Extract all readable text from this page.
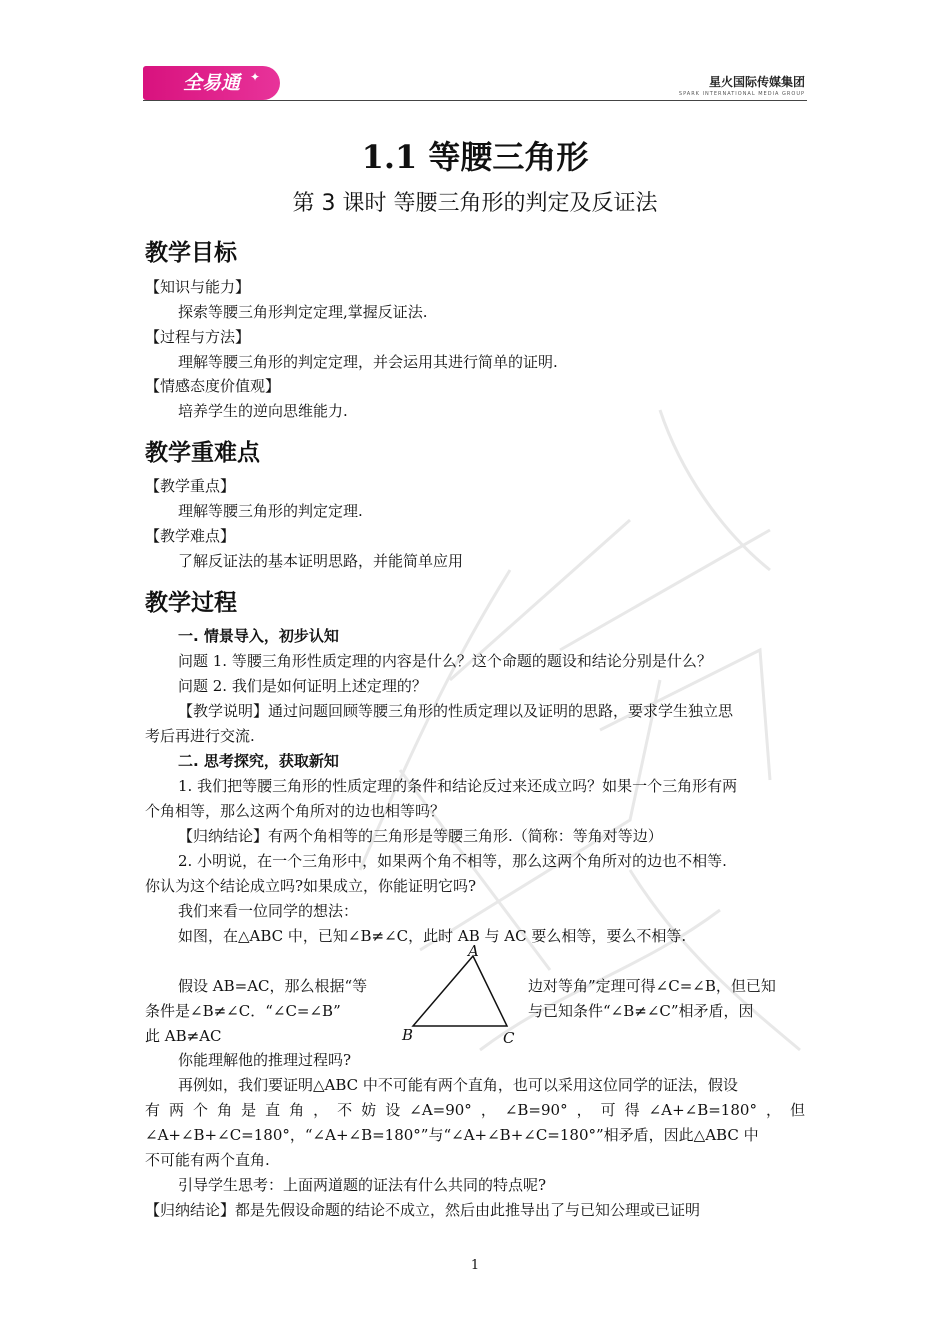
全易通 ✦	星火国际传媒集团
SPARK INTERNATIONAL MEDIA GROUP
1.1 等腰三角形
第 3 课时 等腰三角形的判定及反证法
教学目标
【知识与能力】
探索等腰三角形判定定理,掌握反证法.
【过程与方法】
理解等腰三角形的判定定理，并会运用其进行简单的证明.
【情感态度价值观】
培养学生的逆向思维能力.
教学重难点
【教学重点】
理解等腰三角形的判定定理.
【教学难点】
了解反证法的基本证明思路，并能简单应用
教学过程
一. 情景导入，初步认知
问题 1. 等腰三角形性质定理的内容是什么？这个命题的题设和结论分别是什么？
问题 2. 我们是如何证明上述定理的？
【教学说明】通过问题回顾等腰三角形的性质定理以及证明的思路，要求学生独立思
考后再进行交流.
二. 思考探究，获取新知
1. 我们把等腰三角形的性质定理的条件和结论反过来还成立吗？如果一个三角形有两
个角相等，那么这两个角所对的边也相等吗？
【归纳结论】有两个角相等的三角形是等腰三角形.（简称：等角对等边）
2. 小明说，在一个三角形中，如果两个角不相等，那么这两个角所对的边也不相等.
你认为这个结论成立吗?如果成立，你能证明它吗?
我们来看一位同学的想法：
如图，在△ABC 中，已知∠B≠∠C，此时 AB 与 AC 要么相等，要么不相等.
假设 AB=AC，那么根据“等
条件是∠B≠∠C．“∠C=∠B”
此 AB≠AC
边对等角”定理可得∠C=∠B，但已知
与已知条件“∠B≠∠C”相矛盾，因
A
B	C
你能理解他的推理过程吗?
再例如，我们要证明△ABC 中不可能有两个直角，也可以采用这位同学的证法，假设
有两个角是直角，不妨设∠A=90°，∠B=90°，可得∠A+∠B=180°，但
∠A+∠B+∠C=180°，“∠A+∠B=180°”与“∠A+∠B+∠C=180°”相矛盾，因此△ABC 中
不可能有两个直角.
引导学生思考：上面两道题的证法有什么共同的特点呢?
【归纳结论】都是先假设命题的结论不成立，然后由此推导出了与已知公理或已证明
1
